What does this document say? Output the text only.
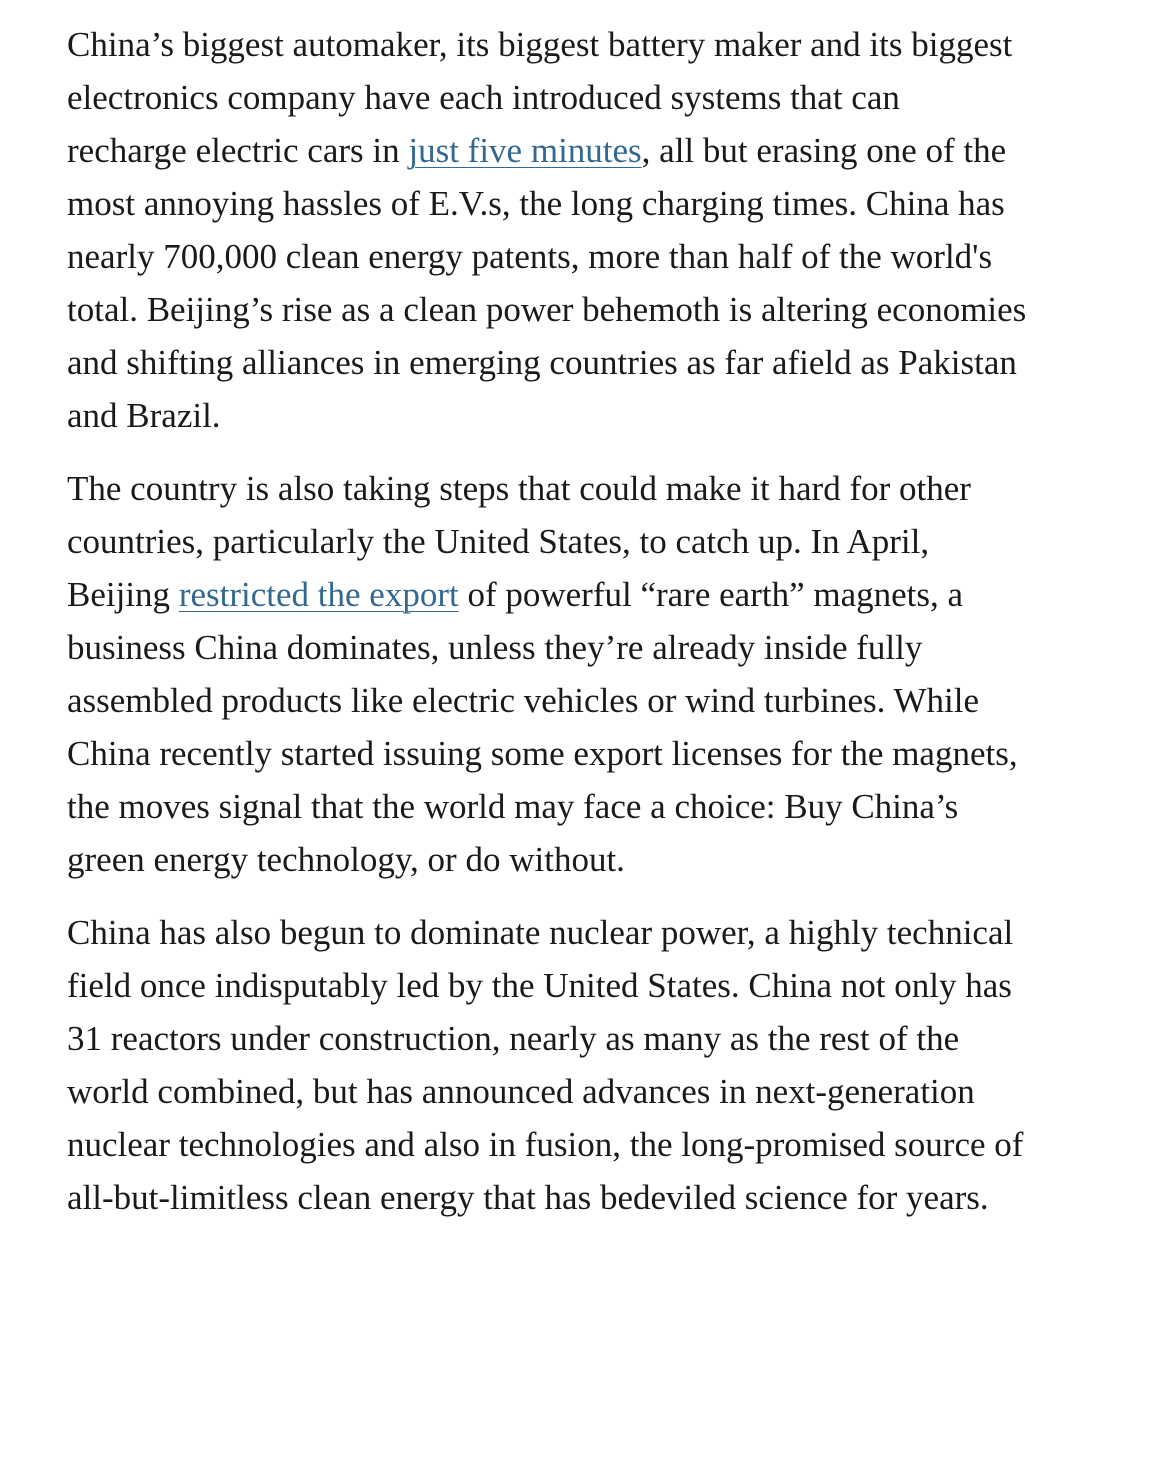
China’s biggest automaker, its biggest battery maker and its biggest electronics company have each introduced systems that can recharge electric cars in just five minutes, all but erasing one of the most annoying hassles of E.V.s, the long charging times. China has nearly 700,000 clean energy patents, more than half of the world's total. Beijing’s rise as a clean power behemoth is altering economies and shifting alliances in emerging countries as far afield as Pakistan and Brazil.

The country is also taking steps that could make it hard for other countries, particularly the United States, to catch up. In April, Beijing restricted the export of powerful “rare earth” magnets, a business China dominates, unless they’re already inside fully assembled products like electric vehicles or wind turbines. While China recently started issuing some export licenses for the magnets, the moves signal that the world may face a choice: Buy China’s green energy technology, or do without.

China has also begun to dominate nuclear power, a highly technical field once indisputably led by the United States. China not only has 31 reactors under construction, nearly as many as the rest of the world combined, but has announced advances in next-generation nuclear technologies and also in fusion, the long-promised source of all-but-limitless clean energy that has bedeviled science for years.
